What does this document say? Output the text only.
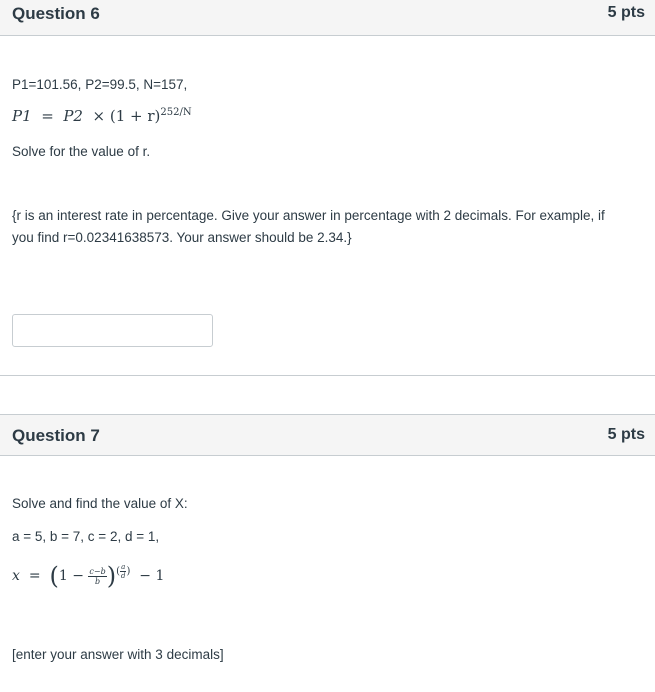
Question 6	5 pts
P1=101.56, P2=99.5, N=157,
$P1 = P2 \times (1 + r)^{252/N}$
Solve for the value of r.
{r is an interest rate in percentage. Give your answer in percentage with 2 decimals. For example, if
you find r=0.02341638573. Your answer should be 2.34.}
Question 7	5 pts
Solve and find the value of X:
a = 5, b = 7, c = 2, d = 1,
$x = (1 - \frac{c-b}{b} )^{( \frac{a}{d} )} - 1$
[enter your answer with 3 decimals]
